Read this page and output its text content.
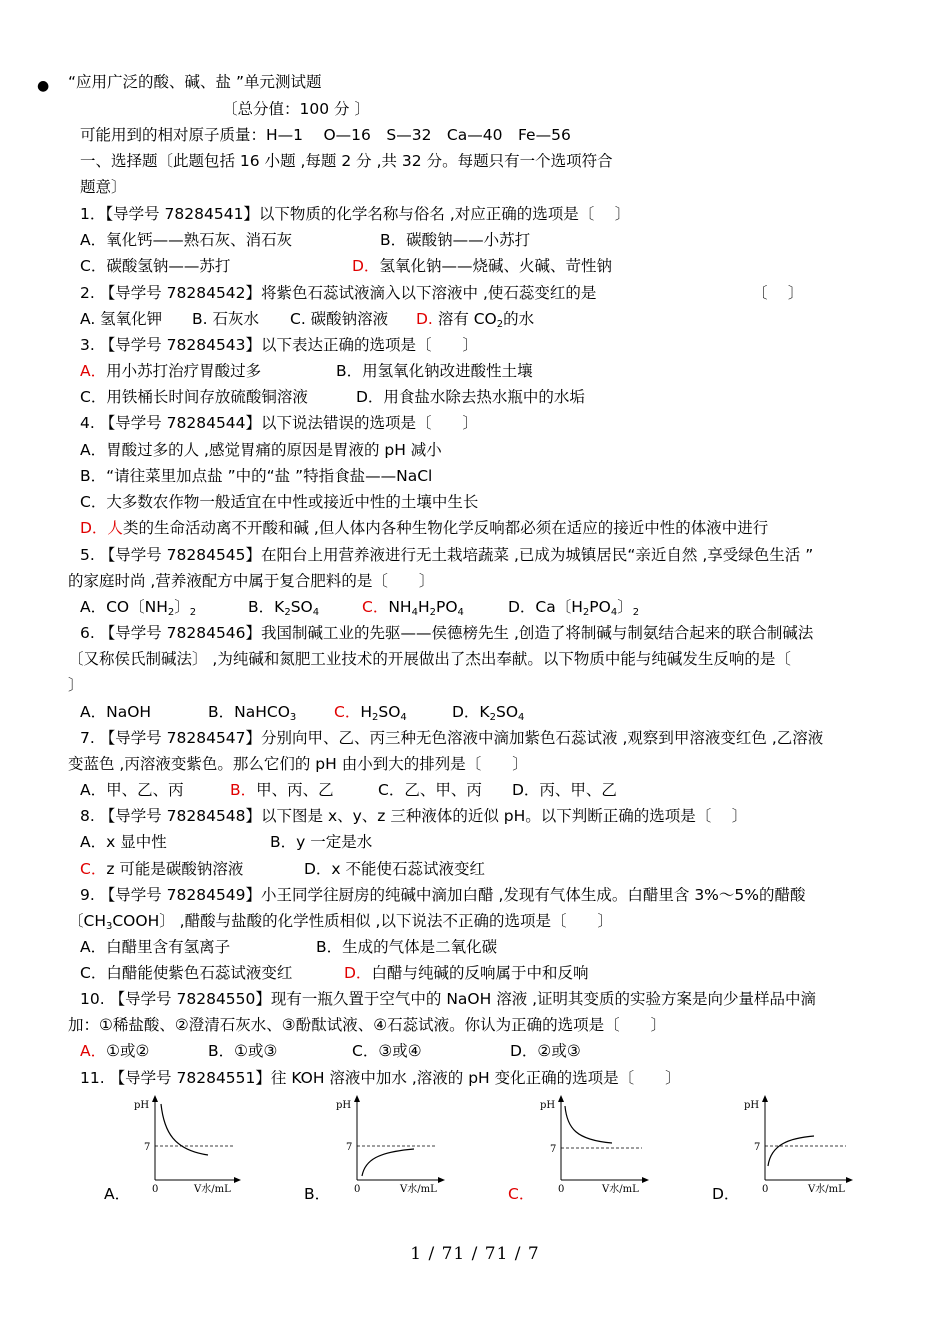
● “应用广泛的酸、碱、盐 ”单元测试题
〔总分值：100 分 〕
可能用到的相对原子质量：H—1　 O—16　S—32　Ca—40　Fe—56
一、选择题〔此题包括 16 小题 ,每题 2 分 ,共 32 分。每题只有一个选项符合
题意〕
1．【导学号 78284541】以下物质的化学名称与俗名 ,对应正确的选项是〔　 〕
A．氧化钙——熟石灰、消石灰	B．碳酸钠——小苏打
C．碳酸氢钠——苏打	D．氢氧化钠——烧碱、火碱、苛性钠
2. 【导学号 78284542】将紫色石蕊试液滴入以下溶液中 ,使石蕊变红的是	〔　 〕
A. 氢氧化钾 B. 石灰水 C. 碳酸钠溶液 D. 溶有 $CO_2$的水
3. 【导学号 78284543】以下表达正确的选项是〔　　〕
A．用小苏打治疗胃酸过多	B．用氢氧化钠改进酸性土壤
C．用铁桶长时间存放硫酸铜溶液	D．用食盐水除去热水瓶中的水垢
4. 【导学号 78284544】以下说法错误的选项是〔　　〕
A．胃酸过多的人 ,感觉胃痛的原因是胃液的 pH 减小
B．“请往菜里加点盐 ”中的“盐 ”特指食盐——NaCl
C．大多数农作物一般适宜在中性或接近中性的土壤中生长
D．人类的生命活动离不开酸和碱 ,但人体内各种生物化学反响都必须在适应的接近中性的体液中进行
5. 【导学号 78284545】在阳台上用营养液进行无土栽培蔬菜 ,已成为城镇居民“亲近自然 ,享受绿色生活 ”
的家庭时尚 ,营养液配方中属于复合肥料的是〔　　〕
A．CO〔$NH_2$〕$_2$	B．$K_2SO_4$	C．$NH_4H_2PO_4$	D．Ca〔$H_2PO_4$〕$_2$
6. 【导学号 78284546】我国制碱工业的先驱——侯德榜先生 ,创造了将制碱与制氨结合起来的联合制碱法
〔又称侯氏制碱法〕 ,为纯碱和氮肥工业技术的开展做出了杰出奉献。以下物质中能与纯碱发生反响的是〔
〕
A．NaOH	B．NaHCO$_3$ C．$H_2SO_4$	D．$K_2SO_4$
7. 【导学号 78284547】分别向甲、乙、丙三种无色溶液中滴加紫色石蕊试液 ,观察到甲溶液变红色 ,乙溶液
变蓝色 ,丙溶液变紫色。那么它们的 pH 由小到大的排列是〔　　〕
A．甲、乙、丙	B．甲、丙、乙	C．乙、甲、丙 D．丙、甲、乙
8. 【导学号 78284548】以下图是 x、y、z 三种液体的近似 pH。以下判断正确的选项是〔　 〕
A．x 显中性	B．y 一定是水
C．z 可能是碳酸钠溶液	D．x 不能使石蕊试液变红
9. 【导学号 78284549】小王同学往厨房的纯碱中滴加白醋 ,发现有气体生成。白醋里含 3%～5%的醋酸
〔$CH_3COOH$〕 ,醋酸与盐酸的化学性质相似 ,以下说法不正确的选项是〔　　〕
A．白醋里含有氢离子	B．生成的气体是二氧化碳
C．白醋能使紫色石蕊试液变红	D．白醋与纯碱的反响属于中和反响
10. 【导学号 78284550】现有一瓶久置于空气中的 NaOH 溶液 ,证明其变质的实验方案是向少量样品中滴
加：①稀盐酸、②澄清石灰水、③酚酞试液、④石蕊试液。你认为正确的选项是〔　　〕
A．①或②	B．①或③	C．③或④	D．②或③
11. 【导学号 78284551】往 KOH 溶液中加水 ,溶液的 pH 变化正确的选项是〔　　〕
A．
pH
7
0	V水/mL	B．
pH
7
0	V水/mL	C．
pH
7
0	V水/mL	D．
pH
7
0	V水/mL
1 / 71 / 71 / 7
